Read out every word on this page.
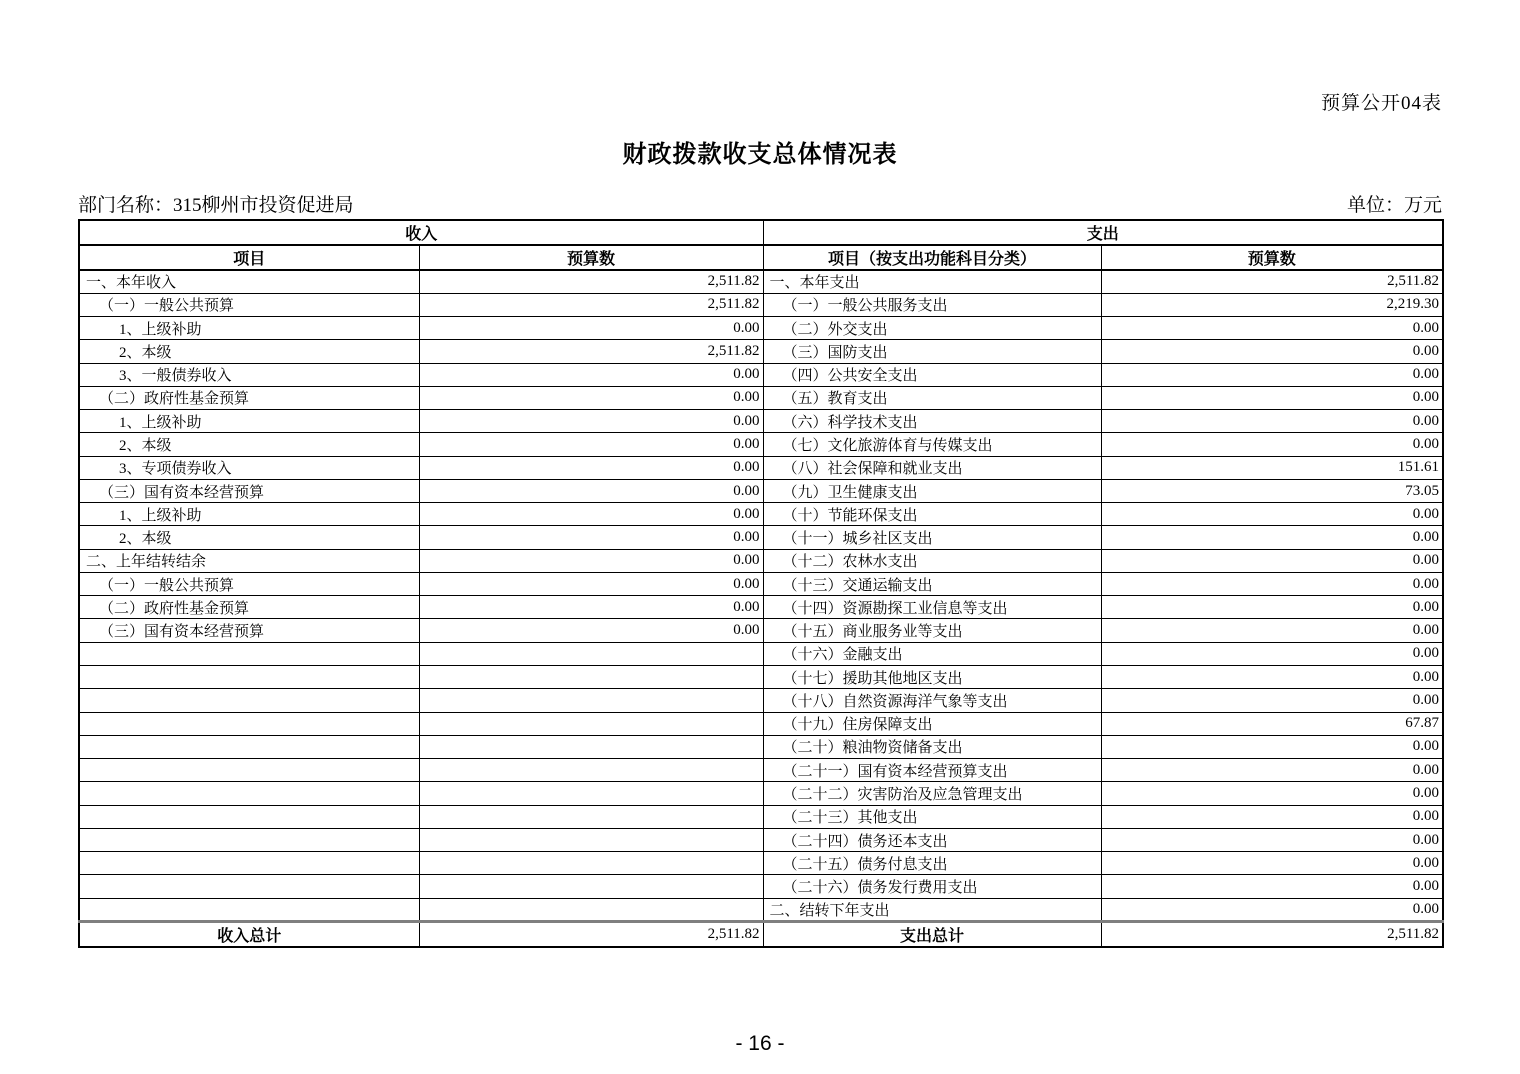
预算公开04表
财政拨款收支总体情况表
部门名称：315柳州市投资促进局	单位：万元
收入		支出	
项目	预算数	项目（按支出功能科目分类）	预算数
一、本年收入	2,511.82	一、本年支出	2,511.82
（一）一般公共预算	2,511.82	（一）一般公共服务支出	2,219.30
1、上级补助	0.00	（二）外交支出	0.00
2、本级	2,511.82	（三）国防支出	0.00
3、一般债券收入	0.00	（四）公共安全支出	0.00
（二）政府性基金预算	0.00	（五）教育支出	0.00
1、上级补助	0.00	（六）科学技术支出	0.00
2、本级	0.00	（七）文化旅游体育与传媒支出	0.00
3、专项债券收入	0.00	（八）社会保障和就业支出	151.61
（三）国有资本经营预算	0.00	（九）卫生健康支出	73.05
1、上级补助	0.00	（十）节能环保支出	0.00
2、本级	0.00	（十一）城乡社区支出	0.00
二、上年结转结余	0.00	（十二）农林水支出	0.00
（一）一般公共预算	0.00	（十三）交通运输支出	0.00
（二）政府性基金预算	0.00	（十四）资源勘探工业信息等支出	0.00
（三）国有资本经营预算	0.00	（十五）商业服务业等支出	0.00
		（十六）金融支出	0.00
		（十七）援助其他地区支出	0.00
		（十八）自然资源海洋气象等支出	0.00
		（十九）住房保障支出	67.87
		（二十）粮油物资储备支出	0.00
		（二十一）国有资本经营预算支出	0.00
		（二十二）灾害防治及应急管理支出	0.00
		（二十三）其他支出	0.00
		（二十四）债务还本支出	0.00
		（二十五）债务付息支出	0.00
		（二十六）债务发行费用支出	0.00
		二、结转下年支出	0.00
收入总计	2,511.82	支出总计	2,511.82
- 16 -
